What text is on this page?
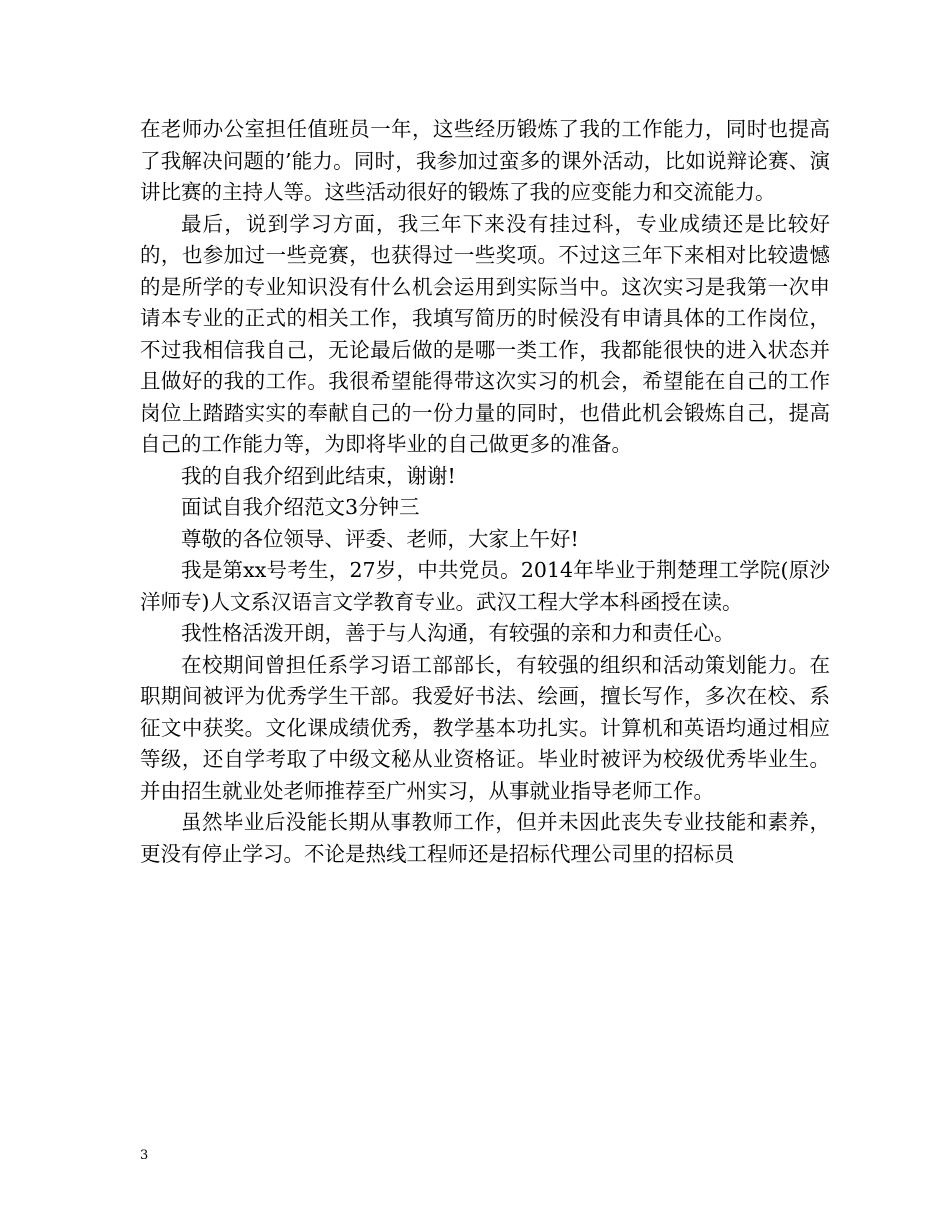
在老师办公室担任值班员一年，这些经历锻炼了我的工作能力，同时也提高了我解决问题的’能力。同时，我参加过蛮多的课外活动，比如说辩论赛、演讲比赛的主持人等。这些活动很好的锻炼了我的应变能力和交流能力。

最后，说到学习方面，我三年下来没有挂过科，专业成绩还是比较好的，也参加过一些竞赛，也获得过一些奖项。不过这三年下来相对比较遗憾的是所学的专业知识没有什么机会运用到实际当中。这次实习是我第一次申请本专业的正式的相关工作，我填写简历的时候没有申请具体的工作岗位，不过我相信我自己，无论最后做的是哪一类工作，我都能很快的进入状态并且做好的我的工作。我很希望能得带这次实习的机会，希望能在自己的工作岗位上踏踏实实的奉献自己的一份力量的同时，也借此机会锻炼自己，提高自己的工作能力等，为即将毕业的自己做更多的准备。

我的自我介绍到此结束，谢谢!

面试自我介绍范文3分钟三

尊敬的各位领导、评委、老师，大家上午好!

我是第xx号考生，27岁，中共党员。2014年毕业于荆楚理工学院(原沙洋师专)人文系汉语言文学教育专业。武汉工程大学本科函授在读。

我性格活泼开朗，善于与人沟通，有较强的亲和力和责任心。

在校期间曾担任系学习语工部部长，有较强的组织和活动策划能力。在职期间被评为优秀学生干部。我爱好书法、绘画，擅长写作，多次在校、系征文中获奖。文化课成绩优秀，教学基本功扎实。计算机和英语均通过相应等级，还自学考取了中级文秘从业资格证。毕业时被评为校级优秀毕业生。并由招生就业处老师推荐至广州实习，从事就业指导老师工作。

虽然毕业后没能长期从事教师工作，但并未因此丧失专业技能和素养，更没有停止学习。不论是热线工程师还是招标代理公司里的招标员

3
